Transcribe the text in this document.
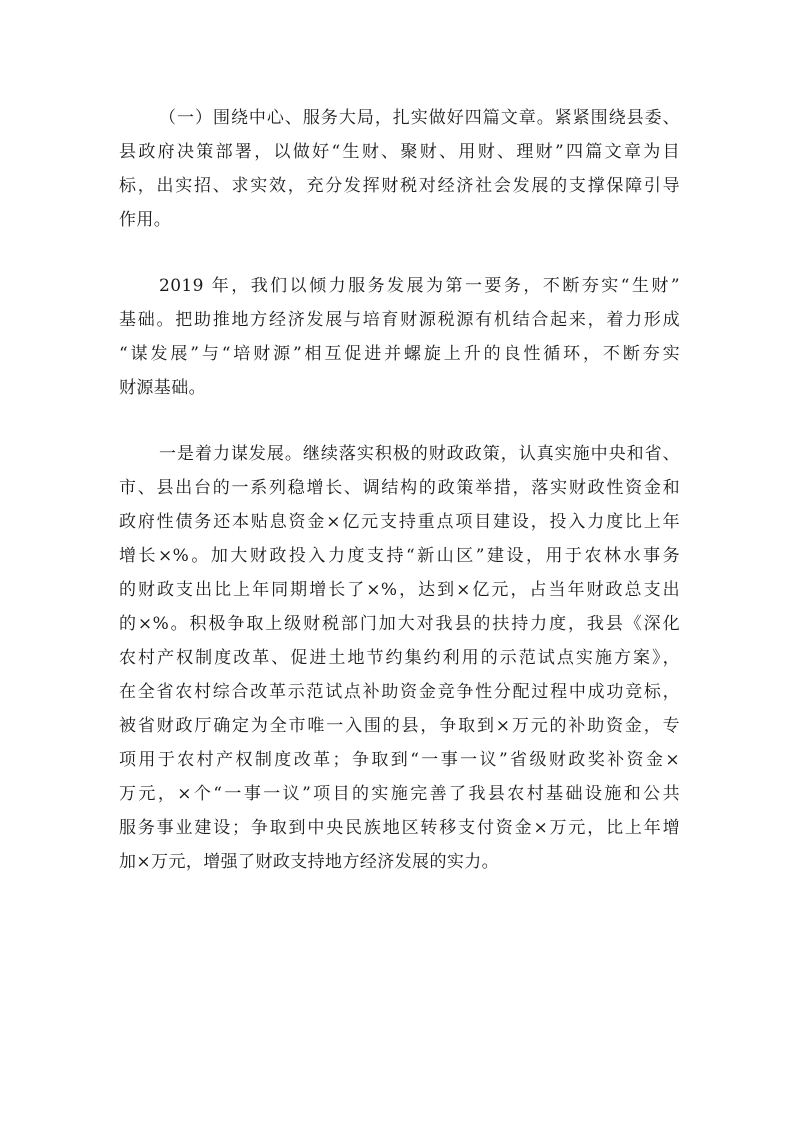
（一）围绕中心、服务大局，扎实做好四篇文章。紧紧围绕县委、
县政府决策部署，以做好“生财、聚财、用财、理财”四篇文章为目
标，出实招、求实效，充分发挥财税对经济社会发展的支撑保障引导
作用。
2019 年，我们以倾力服务发展为第一要务，不断夯实“生财”
基础。把助推地方经济发展与培育财源税源有机结合起来，着力形成
“谋发展”与“培财源”相互促进并螺旋上升的良性循环，不断夯实
财源基础。
一是着力谋发展。继续落实积极的财政政策，认真实施中央和省、
市、县出台的一系列稳增长、调结构的政策举措，落实财政性资金和
政府性债务还本贴息资金×亿元支持重点项目建设，投入力度比上年
增长×%。加大财政投入力度支持“新山区”建设，用于农林水事务
的财政支出比上年同期增长了×%，达到×亿元，占当年财政总支出
的×%。积极争取上级财税部门加大对我县的扶持力度，我县《深化
农村产权制度改革、促进土地节约集约利用的示范试点实施方案》，
在全省农村综合改革示范试点补助资金竞争性分配过程中成功竞标，
被省财政厅确定为全市唯一入围的县，争取到×万元的补助资金，专
项用于农村产权制度改革；争取到“一事一议”省级财政奖补资金×
万元，×个“一事一议”项目的实施完善了我县农村基础设施和公共
服务事业建设；争取到中央民族地区转移支付资金×万元，比上年增
加×万元，增强了财政支持地方经济发展的实力。
